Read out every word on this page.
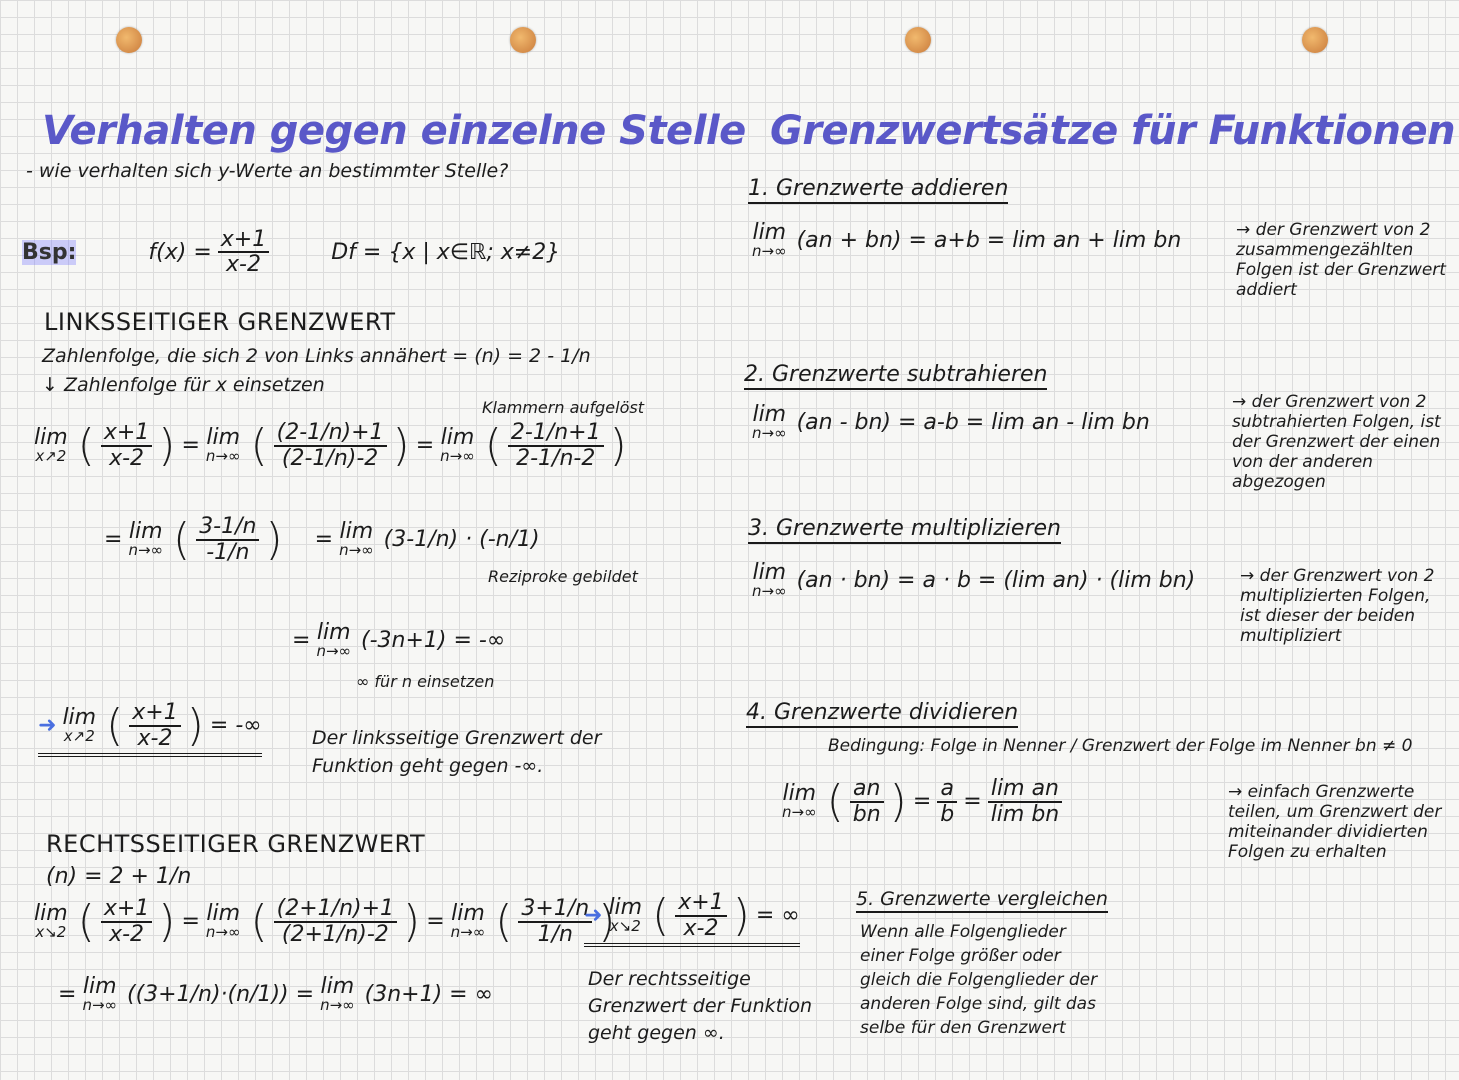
Verhalten gegen einzelne Stelle
- wie verhalten sich y-Werte an bestimmter Stelle?
Bsp:	$f(x) = \frac{x+1}{x-2}$	Df = {x | x∈ℝ; x≠2}
LINKSSEITIGER GRENZWERT
Zahlenfolge, die sich 2 von Links annähert = (n) = 2 - 1/n
↓ Zahlenfolge für x einsetzen
Klammern aufgelöst
lim
x↗2 ( $\frac{x+1}{x-2}$ ) = lim
n→∞ ( $\frac{(2-1/n)+1}{(2-1/n)-2}$ ) = lim
n→∞ ( $\frac{2-1/n+1}{2-1/n-2}$ )
= lim
n→∞ ( $\frac{3-1/n}{-1/n}$ ) = lim
n→∞ (3-1/n) · (-n/1)
Reziproke gebildet
= lim
n→∞ (-3n+1) = -∞
∞ für n einsetzen
➜ lim
x↗2 ( $\frac{x+1}{x-2}$ ) = -∞	Der linksseitige Grenzwert der Funktion geht gegen -∞.
RECHTSSEITIGER GRENZWERT
(n) = 2 + 1/n
lim
x↘2 ( $\frac{x+1}{x-2}$ ) = lim
n→∞ ( $\frac{(2+1/n)+1}{(2+1/n)-2}$ ) = lim
n→∞ ( $\frac{3+1/n}{1/n}$ )
= lim
n→∞ ((3+1/n)·(n/1)) = lim
n→∞ (3n+1) = ∞
➜ lim
x↘2 ( $\frac{x+1}{x-2}$ ) = ∞
Der rechtsseitige Grenzwert der Funktion geht gegen ∞.
Grenzwertsätze für Funktionen
1. Grenzwerte addieren
lim
n→∞ (an + bn) = a+b = lim an + lim bn	→ der Grenzwert von 2 zusammengezählten Folgen ist der Grenzwert addiert
2. Grenzwerte subtrahieren
lim
n→∞ (an - bn) = a-b = lim an - lim bn
→ der Grenzwert von 2 subtrahierten Folgen, ist der Grenzwert der einen von der anderen abgezogen
3. Grenzwerte multiplizieren
lim
n→∞ (an · bn) = a · b = (lim an) · (lim bn)	→ der Grenzwert von 2 multiplizierten Folgen, ist dieser der beiden multipliziert
4. Grenzwerte dividieren
Bedingung: Folge in Nenner / Grenzwert der Folge im Nenner bn ≠ 0
lim
n→∞ ( $\frac{an}{bn}$ ) = $\frac{a}{b} = \frac{\text{lim an}}{\text{lim bn}}$	→ einfach Grenzwerte teilen, um Grenzwert der miteinander dividierten Folgen zu erhalten
5. Grenzwerte vergleichen
Wenn alle Folgenglieder einer Folge größer oder gleich die Folgenglieder der anderen Folge sind, gilt das selbe für den Grenzwert
